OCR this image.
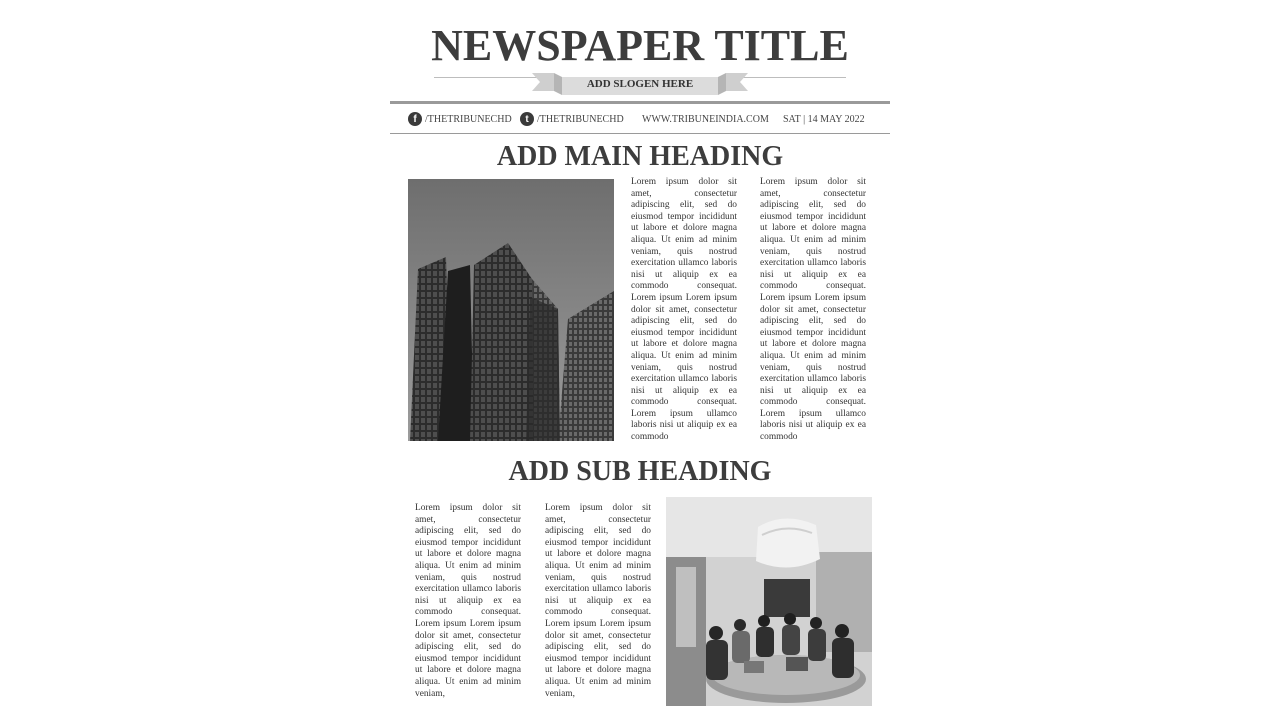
NEWSPAPER TITLE
ADD SLOGEN HERE
f /THETRIBUNECHD	t /THETRIBUNECHD WWW.TRIBUNEINDIA.COM SAT | 14 MAY 2022
ADD MAIN HEADING
Lorem ipsum dolor sit amet, consectetur adipiscing elit, sed do eiusmod tempor incididunt ut labore et dolore magna aliqua. Ut enim ad minim veniam, quis nostrud exercitation ullamco laboris nisi ut aliquip ex ea commodo consequat. Lorem ipsum Lorem ipsum dolor sit amet, consectetur adipiscing elit, sed do eiusmod tempor incididunt ut labore et dolore magna aliqua. Ut enim ad minim veniam, quis nostrud exercitation ullamco laboris nisi ut aliquip ex ea commodo consequat. Lorem ipsum ullamco laboris nisi ut aliquip ex ea commodo
Lorem ipsum dolor sit amet, consectetur adipiscing elit, sed do eiusmod tempor incididunt ut labore et dolore magna aliqua. Ut enim ad minim veniam, quis nostrud exercitation ullamco laboris nisi ut aliquip ex ea commodo consequat. Lorem ipsum Lorem ipsum dolor sit amet, consectetur adipiscing elit, sed do eiusmod tempor incididunt ut labore et dolore magna aliqua. Ut enim ad minim veniam, quis nostrud exercitation ullamco laboris nisi ut aliquip ex ea commodo consequat. Lorem ipsum ullamco laboris nisi ut aliquip ex ea commodo
ADD SUB HEADING
Lorem ipsum dolor sit amet, consectetur adipiscing elit, sed do eiusmod tempor incididunt ut labore et dolore magna aliqua. Ut enim ad minim veniam, quis nostrud exercitation ullamco laboris nisi ut aliquip ex ea commodo consequat. Lorem ipsum Lorem ipsum dolor sit amet, consectetur adipiscing elit, sed do eiusmod tempor incididunt ut labore et dolore magna aliqua. Ut enim ad minim veniam,
Lorem ipsum dolor sit amet, consectetur adipiscing elit, sed do eiusmod tempor incididunt ut labore et dolore magna aliqua. Ut enim ad minim veniam, quis nostrud exercitation ullamco laboris nisi ut aliquip ex ea commodo consequat. Lorem ipsum Lorem ipsum dolor sit amet, consectetur adipiscing elit, sed do eiusmod tempor incididunt ut labore et dolore magna aliqua. Ut enim ad minim veniam,
